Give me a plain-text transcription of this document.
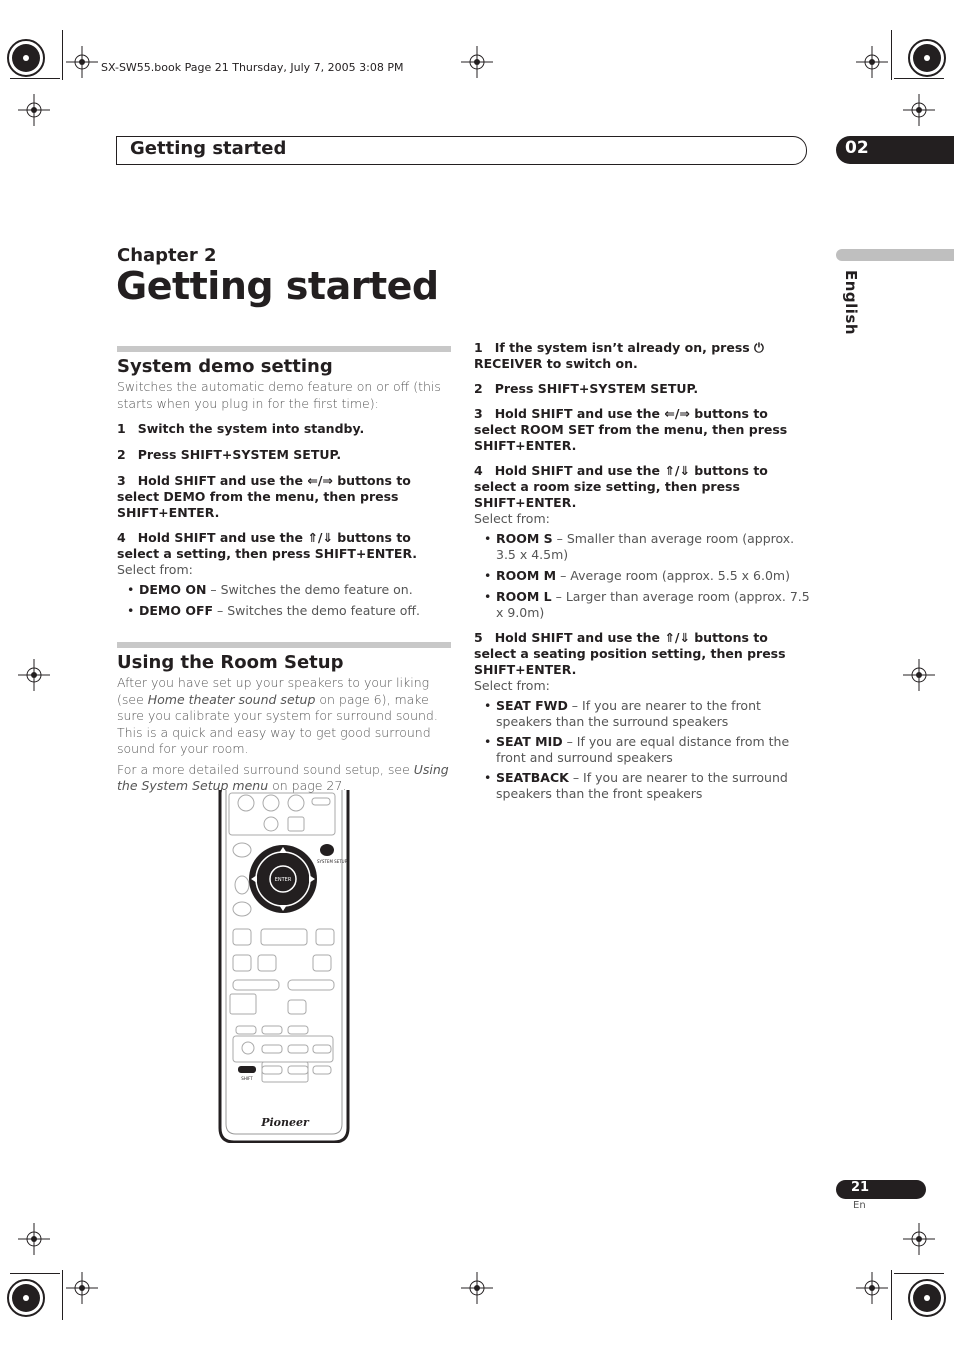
SX-SW55.book Page 21 Thursday, July 7, 2005 3:08 PM
Getting started	02
English
Chapter 2
Getting started
System demo setting
Switches the automatic demo feature on or off (this starts when you plug in for the first time):
1 Switch the system into standby.
2 Press SHIFT+SYSTEM SETUP.
3 Hold SHIFT and use the ⇐/⇒ buttons to select DEMO from the menu, then press SHIFT+ENTER.
4 Hold SHIFT and use the ⇑/⇓ buttons to select a setting, then press SHIFT+ENTER.
Select from:
• DEMO ON – Switches the demo feature on.
• DEMO OFF – Switches the demo feature off.
Using the Room Setup
After you have set up your speakers to your liking (see Home theater sound setup on page 6), make sure you calibrate your system for surround sound. This is a quick and easy way to get good surround sound for your room.
For a more detailed surround sound setup, see Using the System Setup menu on page 27.
1 If the system isn’t already on, press ⏻ RECEIVER to switch on.
2 Press SHIFT+SYSTEM SETUP.
3 Hold SHIFT and use the ⇐/⇒ buttons to select ROOM SET from the menu, then press SHIFT+ENTER.
4 Hold SHIFT and use the ⇑/⇓ buttons to select a room size setting, then press SHIFT+ENTER.
Select from:
• ROOM S – Smaller than average room (approx. 3.5 x 4.5m)
• ROOM M – Average room (approx. 5.5 x 6.0m)
• ROOM L – Larger than average room (approx. 7.5 x 9.0m)
5 Hold SHIFT and use the ⇑/⇓ buttons to select a seating position setting, then press SHIFT+ENTER.
Select from:
• SEAT FWD – If you are nearer to the front speakers than the surround speakers
• SEAT MID – If you are equal distance from the front and surround speakers
• SEATBACK – If you are nearer to the surround speakers than the front speakers
ENTER
SYSTEM SETUP
SHIFT
Pioneer
21
En
